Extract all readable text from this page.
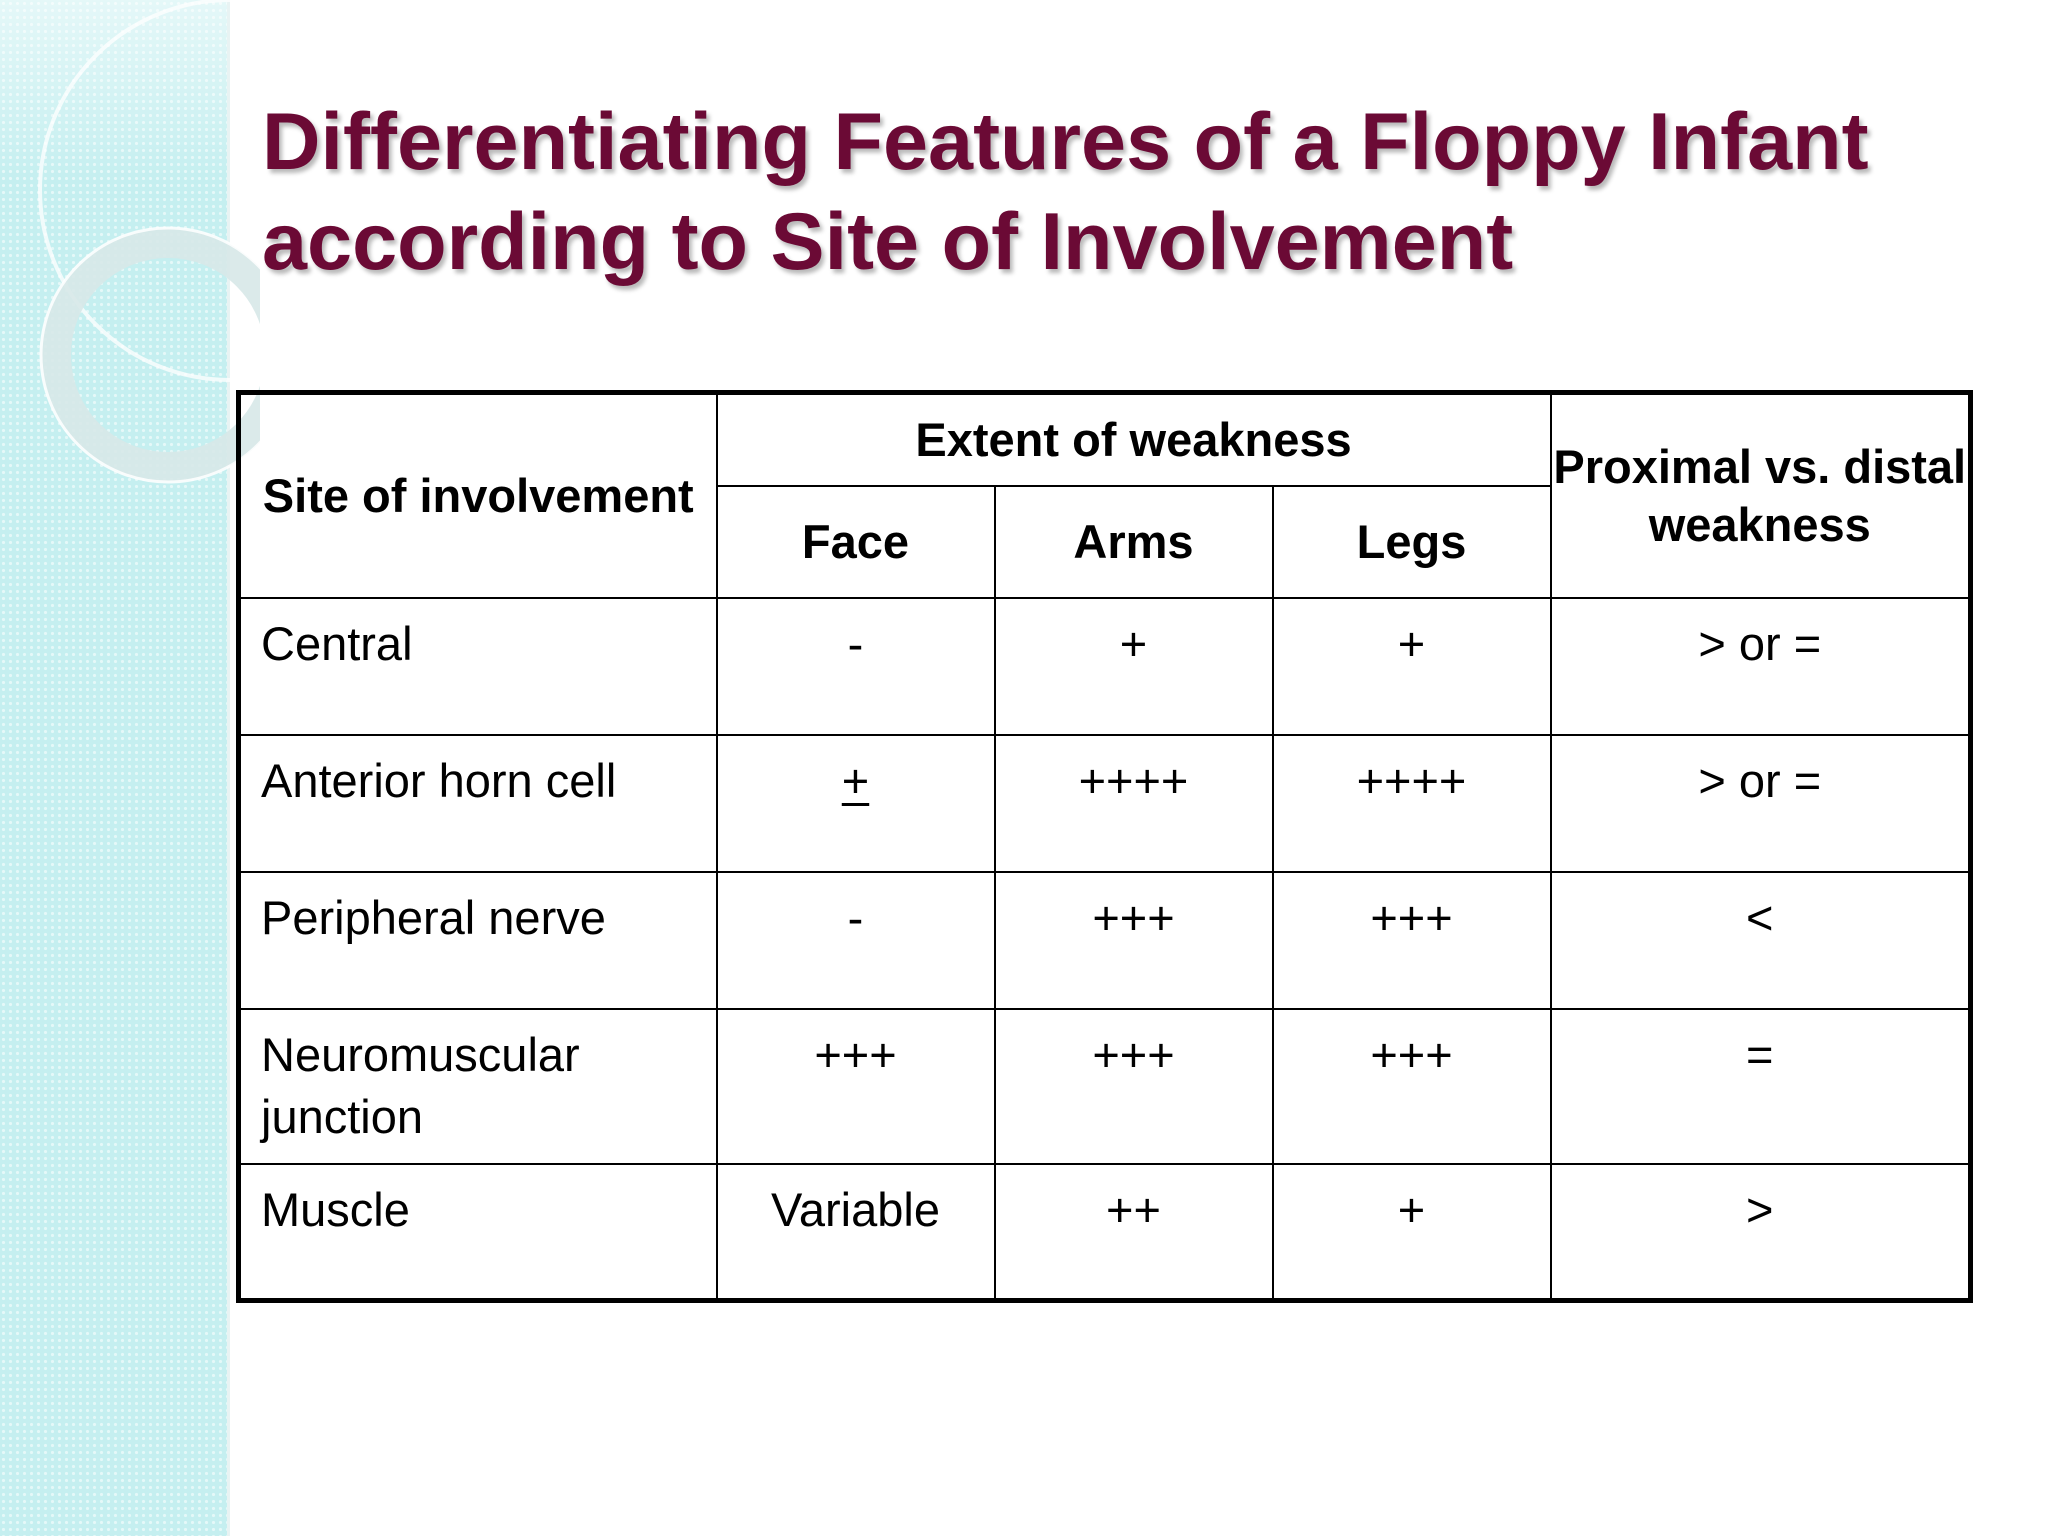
Differentiating Features of a Floppy Infant according to Site of Involvement
Site of involvement	Extent of weakness			Proximal vs. distal weakness
	Face	Arms	Legs	
Central	-	+	+	> or =
Anterior horn cell	+	++++	++++	> or =
Peripheral nerve	-	+++	+++	<
Neuromuscular junction	+++	+++	+++	=
Muscle	Variable	++	+	>
